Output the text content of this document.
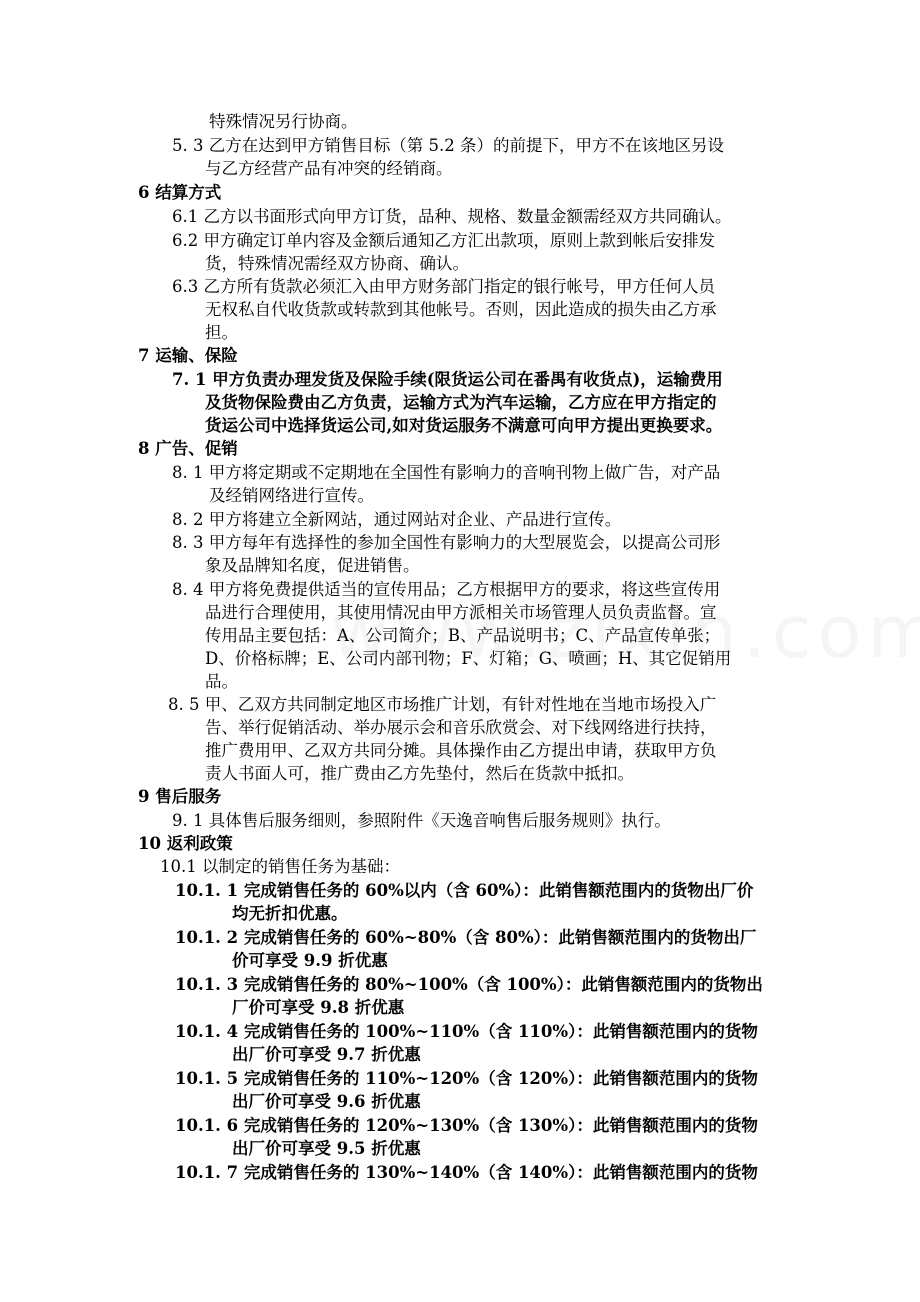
特殊情况另行协商。
5. 3 乙方在达到甲方销售目标（第 5.2 条）的前提下，甲方不在该地区另设
与乙方经营产品有冲突的经销商。
6 结算方式
6.1 乙方以书面形式向甲方订货，品种、规格、数量金额需经双方共同确认。
6.2 甲方确定订单内容及金额后通知乙方汇出款项，原则上款到帐后安排发
货，特殊情况需经双方协商、确认。
6.3 乙方所有货款必须汇入由甲方财务部门指定的银行帐号，甲方任何人员
无权私自代收货款或转款到其他帐号。否则，因此造成的损失由乙方承
担。
7 运输、保险
7. 1 甲方负责办理发货及保险手续(限货运公司在番禺有收货点)，运输费用
及货物保险费由乙方负责，运输方式为汽车运输，乙方应在甲方指定的
货运公司中选择货运公司,如对货运服务不满意可向甲方提出更换要求。
8 广告、促销
8. 1 甲方将定期或不定期地在全国性有影响力的音响刊物上做广告，对产品
及经销网络进行宣传。
8. 2 甲方将建立全新网站，通过网站对企业、产品进行宣传。
8. 3 甲方每年有选择性的参加全国性有影响力的大型展览会，以提高公司形
象及品牌知名度，促进销售。
8. 4 甲方将免费提供适当的宣传用品；乙方根据甲方的要求，将这些宣传用
品进行合理使用，其使用情况由甲方派相关市场管理人员负责监督。宣
传用品主要包括：A、公司简介；B、产品说明书；C、产品宣传单张；
D、价格标牌；E、公司内部刊物；F、灯箱；G、喷画；H、其它促销用
品。
8. 5 甲、乙双方共同制定地区市场推广计划，有针对性地在当地市场投入广
告、举行促销活动、举办展示会和音乐欣赏会、对下线网络进行扶持，
推广费用甲、乙双方共同分摊。具体操作由乙方提出申请，获取甲方负
责人书面人可，推广费由乙方先垫付，然后在货款中抵扣。
9 售后服务
9. 1 具体售后服务细则，参照附件《天逸音响售后服务规则》执行。
10 返利政策
10.1 以制定的销售任务为基础：
10.1. 1 完成销售任务的 60%以内（含 60%）：此销售额范围内的货物出厂价
均无折扣优惠。
10.1. 2 完成销售任务的 60%~80%（含 80%）：此销售额范围内的货物出厂
价可享受 9.9 折优惠
10.1. 3 完成销售任务的 80%~100%（含 100%）：此销售额范围内的货物出
厂价可享受 9.8 折优惠
10.1. 4 完成销售任务的 100%~110%（含 110%）：此销售额范围内的货物
出厂价可享受 9.7 折优惠
10.1. 5 完成销售任务的 110%~120%（含 120%）：此销售额范围内的货物
出厂价可享受 9.6 折优惠
10.1. 6 完成销售任务的 120%~130%（含 130%）：此销售额范围内的货物
出厂价可享受 9.5 折优惠
10.1. 7 完成销售任务的 130%~140%（含 140%）：此销售额范围内的货物
